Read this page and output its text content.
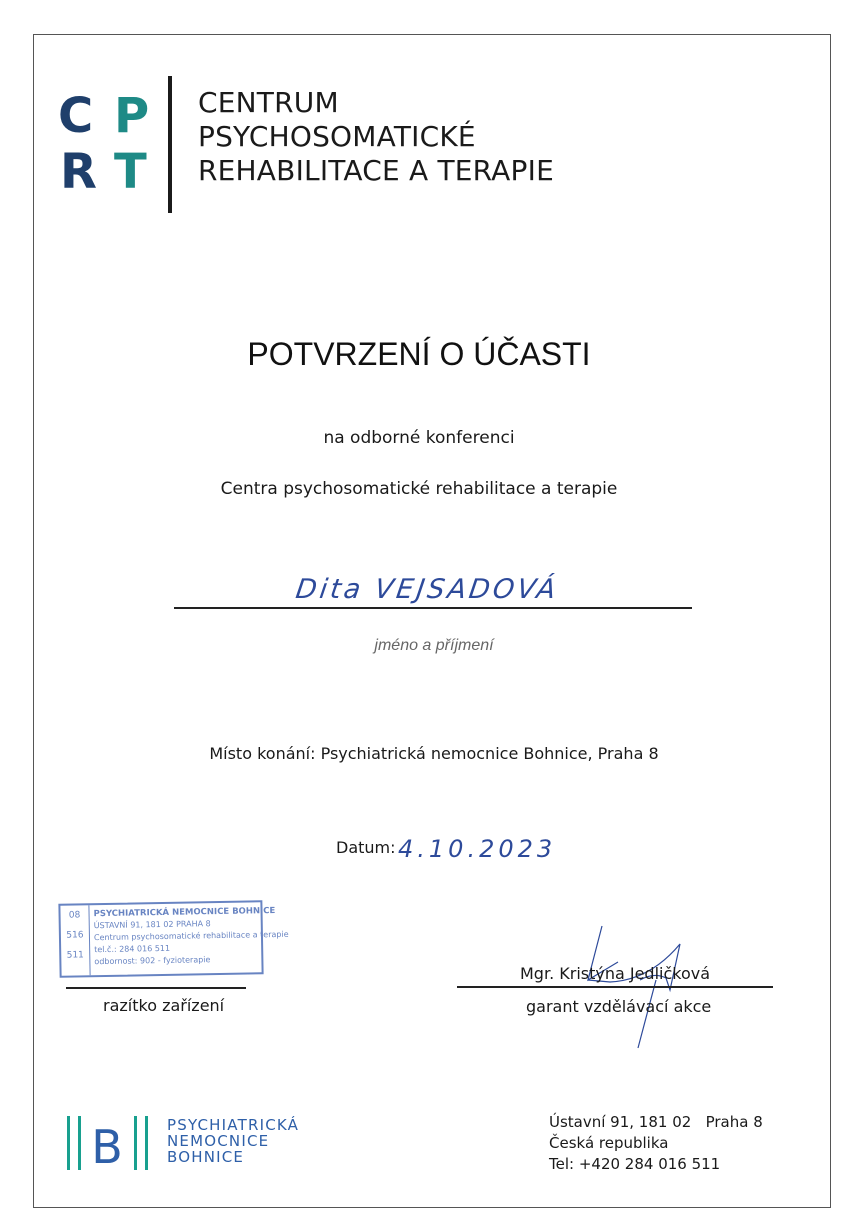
C P
R T
CENTRUM
PSYCHOSOMATICKÉ
REHABILITACE A TERAPIE
POTVRZENÍ O ÚČASTI
na odborné konferenci
Centra psychosomatické rehabilitace a terapie
Dita VEJSADOVÁ
jméno a příjmení
Místo konání: Psychiatrická nemocnice Bohnice, Praha 8
Datum: 4.10.2023
08
516
511
PSYCHIATRICKÁ NEMOCNICE BOHNICE
ÚSTAVNÍ 91, 181 02 PRAHA 8
Centrum psychosomatické rehabilitace a terapie
tel.č.: 284 016 511
odbornost: 902 - fyzioterapie
razítko zařízení
Mgr. Kristýna Jedličková
garant vzdělávací akce
B	PSYCHIATRICKÁ
NEMOCNICE
BOHNICE
Ústavní 91, 181 02   Praha 8
Česká republika
Tel: +420 284 016 511
